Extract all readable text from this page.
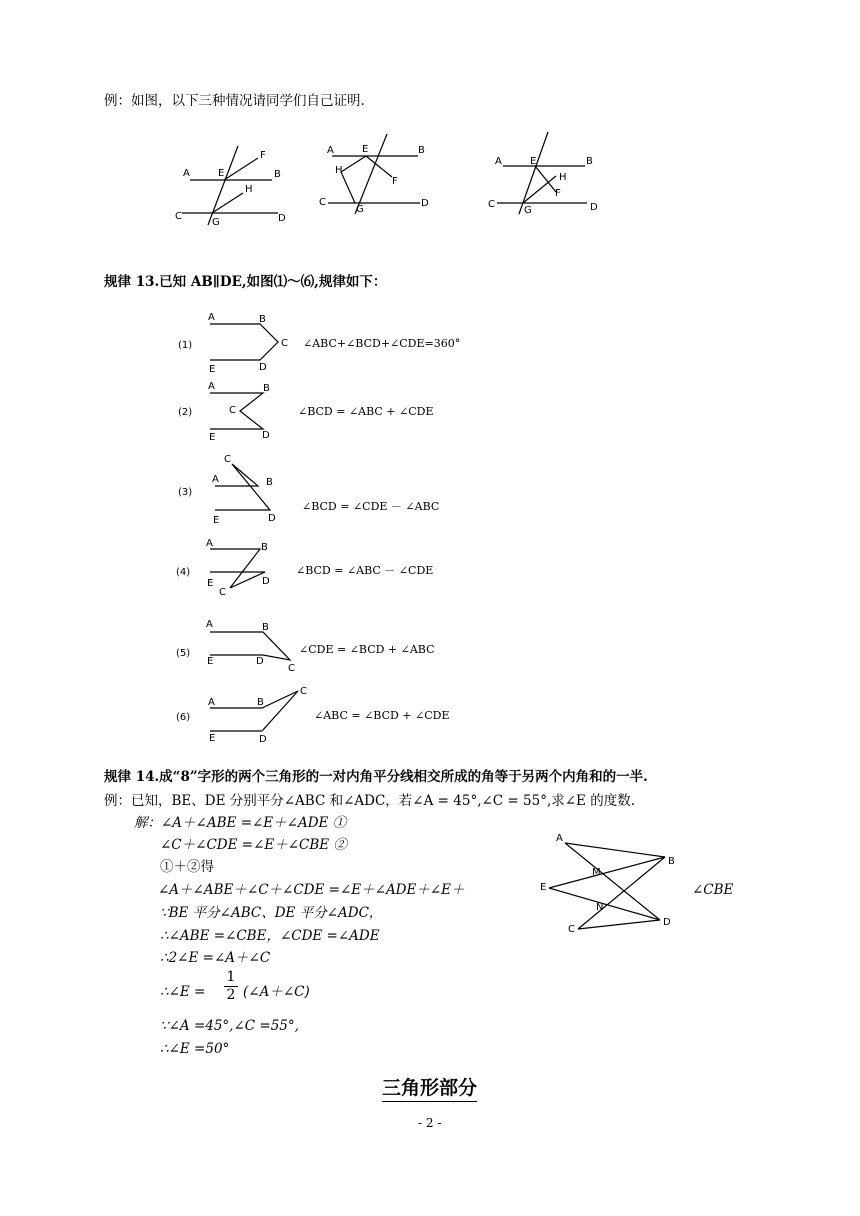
例：如图，以下三种情况请同学们自己证明.
A	E
F
B
H
C
G	D
A	E	B
H
F
C
G
D
A	E	B
H
F
C
G	D
规律 13.已知 AB∥DE,如图⑴～⑹,规律如下：
(1)
A	B
C
E	D
∠ABC+∠BCD+∠CDE=360°
(2)
A	B
C
E	D
∠BCD = ∠ABC + ∠CDE
(3)
C
A	B
E	D
∠BCD = ∠CDE － ∠ABC
(4)
A	B
E	D
C
∠BCD = ∠ABC － ∠CDE
(5)
A	B
E	D
C
∠CDE = ∠BCD + ∠ABC
(6)
A	B
C
E	D
∠ABC = ∠BCD + ∠CDE
规律 14.成“8”字形的两个三角形的一对内角平分线相交所成的角等于另两个内角和的一半.
例：已知，BE、DE 分别平分∠ABC 和∠ADC，若∠A = 45°,∠C = 55°,求∠E 的度数.
解：∠A＋∠ABE =∠E＋∠ADE ①
∠C＋∠CDE =∠E＋∠CBE ②
①＋②得
∠A＋∠ABE＋∠C＋∠CDE =∠E＋∠ADE＋∠E＋	∠CBE
∵BE 平分∠ABC、DE 平分∠ADC，
∴∠ABE =∠CBE，∠CDE =∠ADE
∴2∠E =∠A＋∠C
∴∠E =
1
2 (∠A＋∠C)
∵∠A =45°,∠C =55°,
∴∠E =50°
A
B
M
E
N
C
D
三角形部分
- 2 -
